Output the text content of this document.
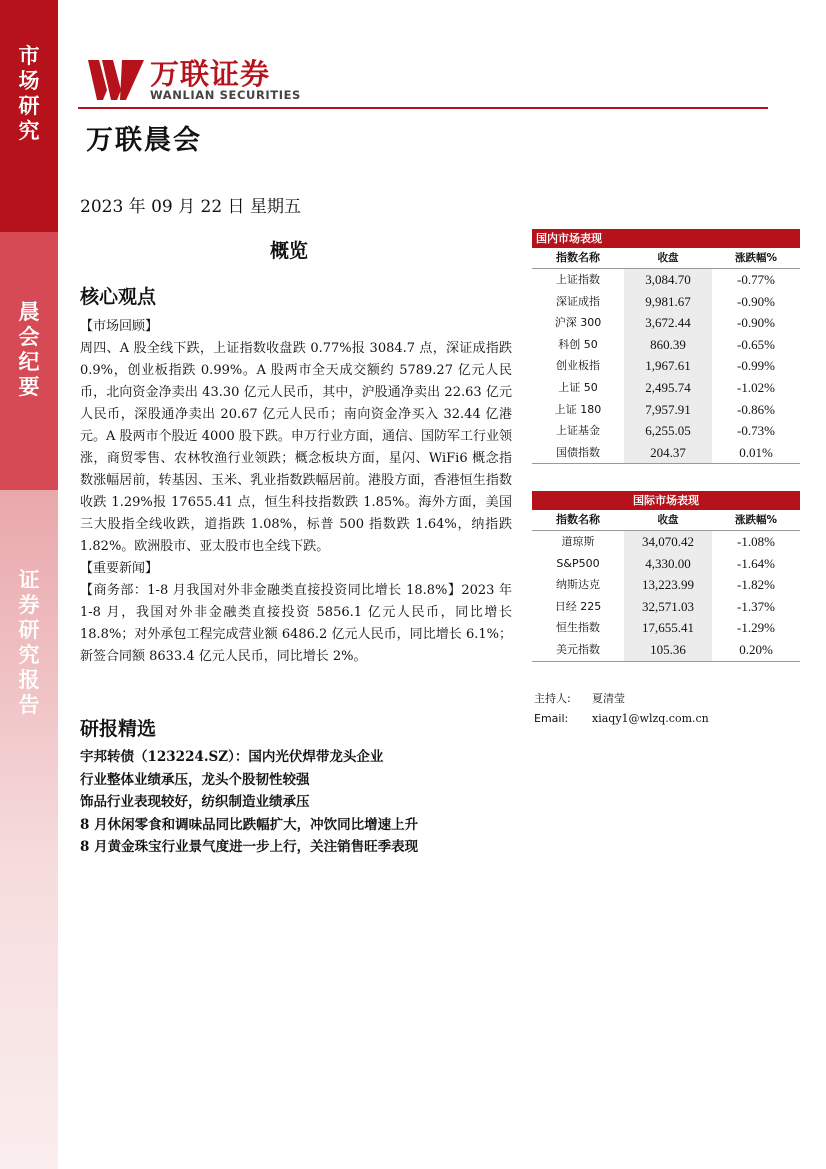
市
场
研
究
晨
会
纪
要
证
券
研
究
报
告
万联证券
WANLIAN SECURITIES
万联晨会
2023 年 09 月 22 日 星期五
概览
核心观点

【市场回顾】

周四、A 股全线下跌，上证指数收盘跌 0.77%报 3084.7 点，深证成指跌 0.9%，创业板指跌 0.99%。A 股两市全天成交额约 5789.27 亿元人民币，北向资金净卖出 43.30 亿元人民币，其中，沪股通净卖出 22.63 亿元人民币，深股通净卖出 20.67 亿元人民币；南向资金净买入 32.44 亿港元。A 股两市个股近 4000 股下跌。申万行业方面，通信、国防军工行业领涨，商贸零售、农林牧渔行业领跌；概念板块方面，星闪、WiFi6 概念指数涨幅居前，转基因、玉米、乳业指数跌幅居前。港股方面，香港恒生指数收跌 1.29%报 17655.41 点，恒生科技指数跌 1.85%。海外方面，美国三大股指全线收跌，道指跌 1.08%，标普 500 指数跌 1.64%，纳指跌 1.82%。欧洲股市、亚太股市也全线下跌。

【重要新闻】

【商务部：1-8 月我国对外非金融类直接投资同比增长 18.8%】2023 年 1-8 月，我国对外非金融类直接投资 5856.1 亿元人民币，同比增长 18.8%；对外承包工程完成营业额 6486.2 亿元人民币，同比增长 6.1%；新签合同额 8633.4 亿元人民币，同比增长 2%。

研报精选
宇邦转债（123224.SZ）：国内光伏焊带龙头企业
行业整体业绩承压，龙头个股韧性较强
饰品行业表现较好，纺织制造业绩承压
8 月休闲零食和调味品同比跌幅扩大，冲饮同比增速上升
8 月黄金珠宝行业景气度进一步上行，关注销售旺季表现
国内市场表现
指数名称	收盘	涨跌幅%
上证指数	3,084.70	-0.77%
深证成指	9,981.67	-0.90%
沪深 300	3,672.44	-0.90%
科创 50	860.39	-0.65%
创业板指	1,967.61	-0.99%
上证 50	2,495.74	-1.02%
上证 180	7,957.91	-0.86%
上证基金	6,255.05	-0.73%
国债指数	204.37	0.01%
国际市场表现
指数名称	收盘	涨跌幅%
道琼斯	34,070.42	-1.08%
S&P500	4,330.00	-1.64%
纳斯达克	13,223.99	-1.82%
日经 225	32,571.03	-1.37%
恒生指数	17,655.41	-1.29%
美元指数	105.36	0.20%
主持人: 夏清莹
Email: xiaqy1@wlzq.com.cn
